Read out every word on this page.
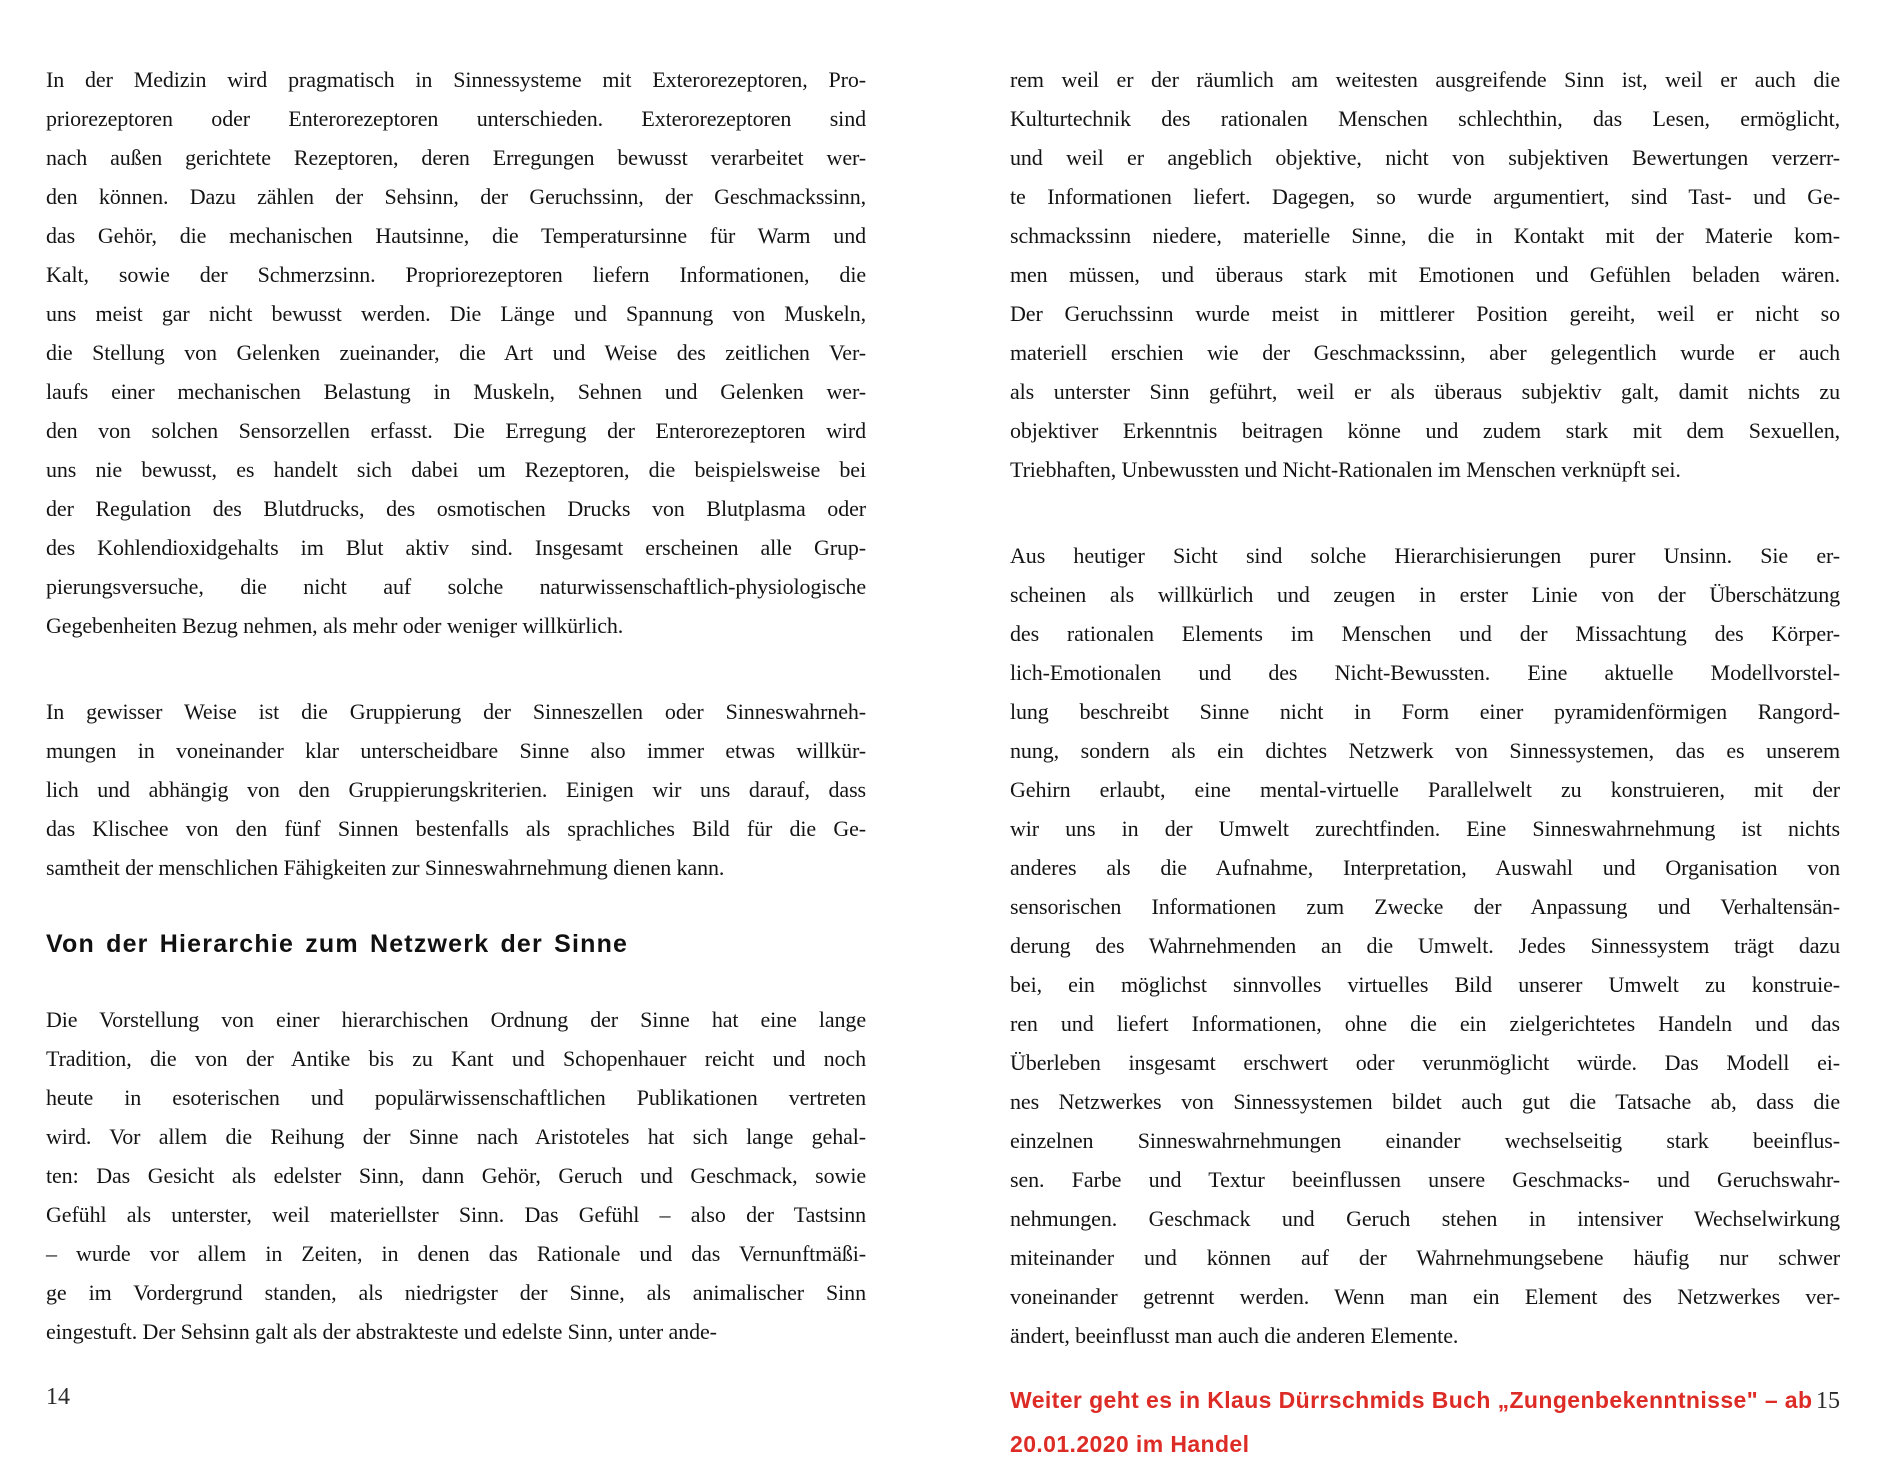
In der Medizin wird pragmatisch in Sinnessysteme mit Exterorezeptoren, Pro-
priorezeptoren oder Enterorezeptoren unterschieden. Exterorezeptoren sind
nach außen gerichtete Rezeptoren, deren Erregungen bewusst verarbeitet wer-
den können. Dazu zählen der Sehsinn, der Geruchssinn, der Geschmackssinn,
das Gehör, die mechanischen Hautsinne, die Temperatursinne für Warm und
Kalt, sowie der Schmerzsinn. Propriorezeptoren liefern Informationen, die
uns meist gar nicht bewusst werden. Die Länge und Spannung von Muskeln,
die Stellung von Gelenken zueinander, die Art und Weise des zeitlichen Ver-
laufs einer mechanischen Belastung in Muskeln, Sehnen und Gelenken wer-
den von solchen Sensorzellen erfasst. Die Erregung der Enterorezeptoren wird
uns nie bewusst, es handelt sich dabei um Rezeptoren, die beispielsweise bei
der Regulation des Blutdrucks, des osmotischen Drucks von Blutplasma oder
des Kohlendioxidgehalts im Blut aktiv sind. Insgesamt erscheinen alle Grup-
pierungsversuche, die nicht auf solche naturwissenschaftlich-physiologische
Gegebenheiten Bezug nehmen, als mehr oder weniger willkürlich.
In gewisser Weise ist die Gruppierung der Sinneszellen oder Sinneswahrneh-
mungen in voneinander klar unterscheidbare Sinne also immer etwas willkür-
lich und abhängig von den Gruppierungskriterien. Einigen wir uns darauf, dass
das Klischee von den fünf Sinnen bestenfalls als sprachliches Bild für die Ge-
samtheit der menschlichen Fähigkeiten zur Sinneswahrnehmung dienen kann.
Von der Hierarchie zum Netzwerk der Sinne
Die Vorstellung von einer hierarchischen Ordnung der Sinne hat eine lange
Tradition, die von der Antike bis zu Kant und Schopenhauer reicht und noch
heute in esoterischen und populärwissenschaftlichen Publikationen vertreten
wird. Vor allem die Reihung der Sinne nach Aristoteles hat sich lange gehal-
ten: Das Gesicht als edelster Sinn, dann Gehör, Geruch und Geschmack, sowie
Gefühl als unterster, weil materiellster Sinn. Das Gefühl – also der Tastsinn
– wurde vor allem in Zeiten, in denen das Rationale und das Vernunftmäßi-
ge im Vordergrund standen, als niedrigster der Sinne, als animalischer Sinn
eingestuft. Der Sehsinn galt als der abstrakteste und edelste Sinn, unter ande-
rem weil er der räumlich am weitesten ausgreifende Sinn ist, weil er auch die
Kulturtechnik des rationalen Menschen schlechthin, das Lesen, ermöglicht,
und weil er angeblich objektive, nicht von subjektiven Bewertungen verzerr-
te Informationen liefert. Dagegen, so wurde argumentiert, sind Tast- und Ge-
schmackssinn niedere, materielle Sinne, die in Kontakt mit der Materie kom-
men müssen, und überaus stark mit Emotionen und Gefühlen beladen wären.
Der Geruchssinn wurde meist in mittlerer Position gereiht, weil er nicht so
materiell erschien wie der Geschmackssinn, aber gelegentlich wurde er auch
als unterster Sinn geführt, weil er als überaus subjektiv galt, damit nichts zu
objektiver Erkenntnis beitragen könne und zudem stark mit dem Sexuellen,
Triebhaften, Unbewussten und Nicht-Rationalen im Menschen verknüpft sei.
Aus heutiger Sicht sind solche Hierarchisierungen purer Unsinn. Sie er-
scheinen als willkürlich und zeugen in erster Linie von der Überschätzung
des rationalen Elements im Menschen und der Missachtung des Körper-
lich-Emotionalen und des Nicht-Bewussten. Eine aktuelle Modellvorstel-
lung beschreibt Sinne nicht in Form einer pyramidenförmigen Rangord-
nung, sondern als ein dichtes Netzwerk von Sinnessystemen, das es unserem
Gehirn erlaubt, eine mental-virtuelle Parallelwelt zu konstruieren, mit der
wir uns in der Umwelt zurechtfinden. Eine Sinneswahrnehmung ist nichts
anderes als die Aufnahme, Interpretation, Auswahl und Organisation von
sensorischen Informationen zum Zwecke der Anpassung und Verhaltensän-
derung des Wahrnehmenden an die Umwelt. Jedes Sinnessystem trägt dazu
bei, ein möglichst sinnvolles virtuelles Bild unserer Umwelt zu konstruie-
ren und liefert Informationen, ohne die ein zielgerichtetes Handeln und das
Überleben insgesamt erschwert oder verunmöglicht würde. Das Modell ei-
nes Netzwerkes von Sinnessystemen bildet auch gut die Tatsache ab, dass die
einzelnen Sinneswahrnehmungen einander wechselseitig stark beeinflus-
sen. Farbe und Textur beeinflussen unsere Geschmacks- und Geruchswahr-
nehmungen. Geschmack und Geruch stehen in intensiver Wechselwirkung
miteinander und können auf der Wahrnehmungsebene häufig nur schwer
voneinander getrennt werden. Wenn man ein Element des Netzwerkes ver-
ändert, beeinflusst man auch die anderen Elemente.
Weiter geht es in Klaus Dürrschmids Buch „Zungenbekenntnisse" – ab
20.01.2020 im Handel
14	15
